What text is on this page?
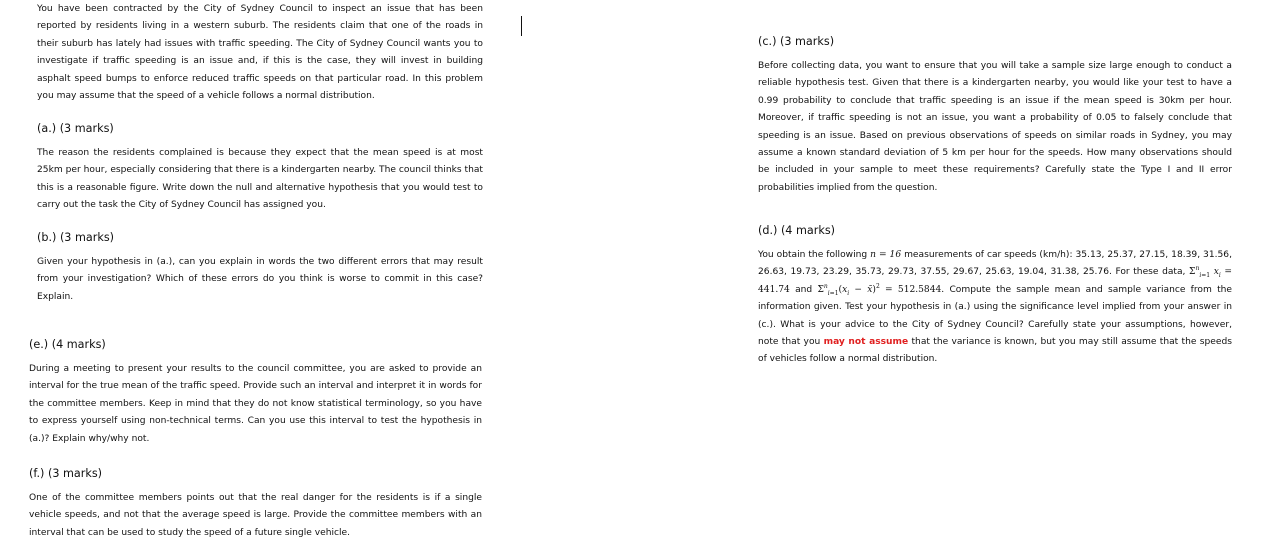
You have been contracted by the City of Sydney Council to inspect an issue that has been reported by residents living in a western suburb. The residents claim that one of the roads in their suburb has lately had issues with traffic speeding. The City of Sydney Council wants you to investigate if traffic speeding is an issue and, if this is the case, they will invest in building asphalt speed bumps to enforce reduced traffic speeds on that particular road. In this problem you may assume that the speed of a vehicle follows a normal distribution.

(a.) (3 marks)

The reason the residents complained is because they expect that the mean speed is at most 25km per hour, especially considering that there is a kindergarten nearby. The council thinks that this is a reasonable figure. Write down the null and alternative hypothesis that you would test to carry out the task the City of Sydney Council has assigned you.

(b.) (3 marks)

Given your hypothesis in (a.), can you explain in words the two different errors that may result from your investigation? Which of these errors do you think is worse to commit in this case? Explain.

(e.) (4 marks)

During a meeting to present your results to the council committee, you are asked to provide an interval for the true mean of the traffic speed. Provide such an interval and interpret it in words for the committee members. Keep in mind that they do not know statistical terminology, so you have to express yourself using non-technical terms. Can you use this interval to test the hypothesis in (a.)? Explain why/why not.

(f.) (3 marks)

One of the committee members points out that the real danger for the residents is if a single vehicle speeds, and not that the average speed is large. Provide the committee members with an interval that can be used to study the speed of a future single vehicle.

(c.) (3 marks)

Before collecting data, you want to ensure that you will take a sample size large enough to conduct a reliable hypothesis test. Given that there is a kindergarten nearby, you would like your test to have a 0.99 probability to conclude that traffic speeding is an issue if the mean speed is 30km per hour. Moreover, if traffic speeding is not an issue, you want a probability of 0.05 to falsely conclude that speeding is an issue. Based on previous observations of speeds on similar roads in Sydney, you may assume a known standard deviation of 5 km per hour for the speeds. How many observations should be included in your sample to meet these requirements? Carefully state the Type I and II error probabilities implied from the question.

(d.) (4 marks)

You obtain the following n = 16 measurements of car speeds (km/h): 35.13, 25.37, 27.15, 18.39, 31.56, 26.63, 19.73, 23.29, 35.73, 29.73, 37.55, 29.67, 25.63, 19.04, 31.38, 25.76. For these data, $\Sigma^n_{i=1}$ $x_i = 441.74$ and $\Sigma^n_{i=1}(x_i$ − x̄)$^2$ = 512.5844. Compute the sample mean and sample variance from the information given. Test your hypothesis in (a.) using the significance level implied from your answer in (c.). What is your advice to the City of Sydney Council? Carefully state your assumptions, however, note that you may not assume that the variance is known, but you may still assume that the speeds of vehicles follow a normal distribution.
